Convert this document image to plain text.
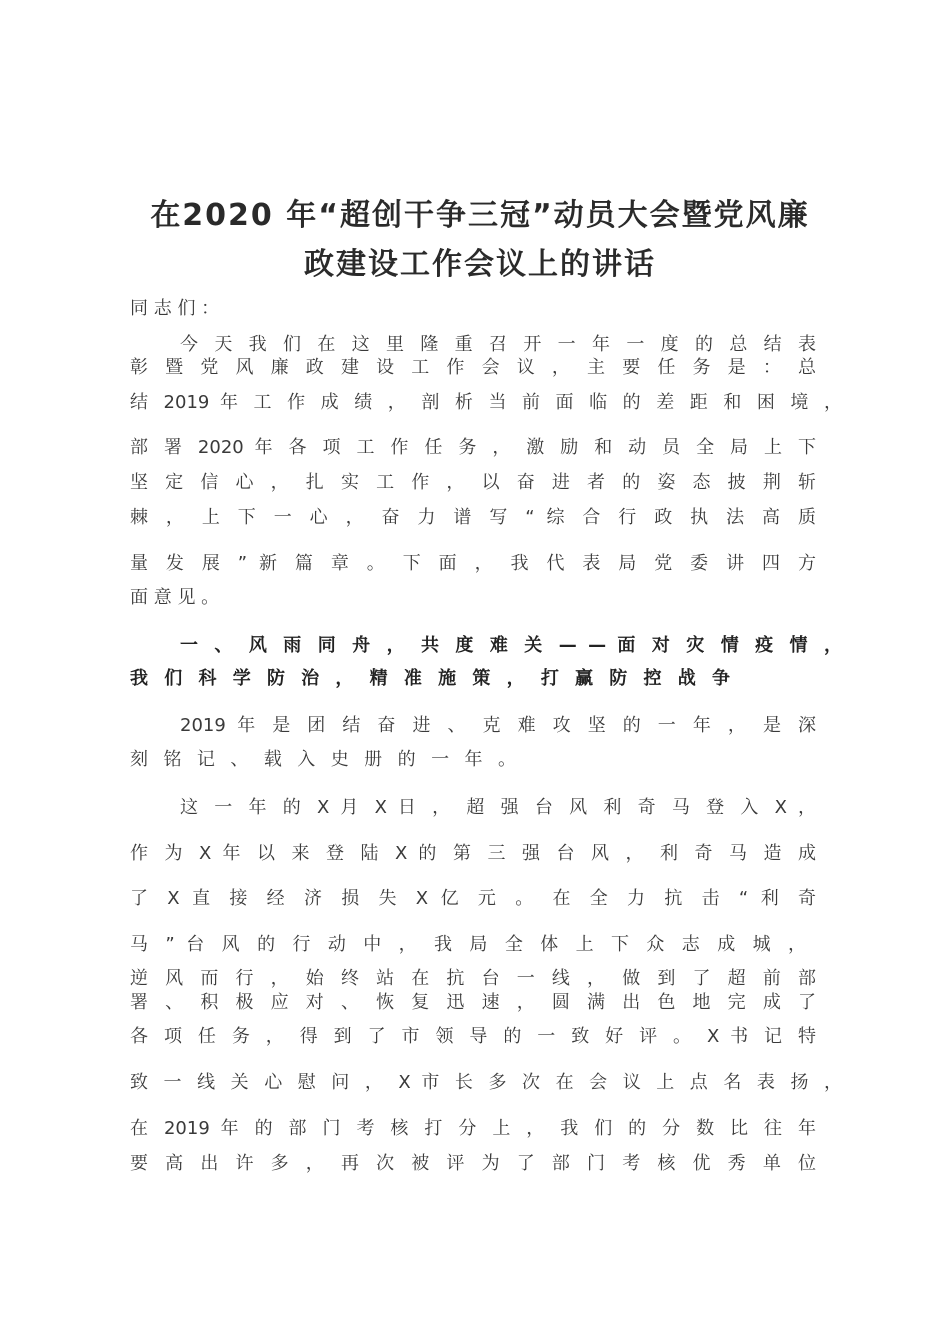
在2020 年“超创干争三冠”动员大会暨党风廉
政建设工作会议上的讲话
同 志 们 ：
今 天 我 们 在 这 里 隆 重 召 开 一 年 一 度 的 总 结 表
彰 暨 党 风 廉 政 建 设 工 作 会 议 ， 主 要 任 务 是 ： 总
结 2019 年 工 作 成 绩 ， 剖 析 当 前 面 临 的 差 距 和 困 境 ，
部 署 2020 年 各 项 工 作 任 务 ， 激 励 和 动 员 全 局 上 下
坚 定 信 心 ， 扎 实 工 作 ， 以 奋 进 者 的 姿 态 披 荆 斩
棘 ， 上 下 一 心 ， 奋 力 谱 写 “ 综 合 行 政 执 法 高 质
量 发 展 ” 新 篇 章 。 下 面 ， 我 代 表 局 党 委 讲 四 方
面 意 见 。
一 、 风 雨 同 舟 ， 共 度 难 关 — — 面 对 灾 情 疫 情 ，
我 们 科 学 防 治 ， 精 准 施 策 ， 打 赢 防 控 战 争
2019 年 是 团 结 奋 进 、 克 难 攻 坚 的 一 年 ， 是 深
刻 铭 记 、 载 入 史 册 的 一 年 。
这 一 年 的 X 月 X 日 ， 超 强 台 风 利 奇 马 登 入 X ，
作 为 X 年 以 来 登 陆 X 的 第 三 强 台 风 ， 利 奇 马 造 成
了 X 直 接 经 济 损 失 X 亿 元 。 在 全 力 抗 击 “ 利 奇
马 ” 台 风 的 行 动 中 ， 我 局 全 体 上 下 众 志 成 城 ，
逆 风 而 行 ， 始 终 站 在 抗 台 一 线 ， 做 到 了 超 前 部
署 、 积 极 应 对 、 恢 复 迅 速 ， 圆 满 出 色 地 完 成 了
各 项 任 务 ， 得 到 了 市 领 导 的 一 致 好 评 。 X 书 记 特
致 一 线 关 心 慰 问 ， X 市 长 多 次 在 会 议 上 点 名 表 扬 ，
在 2019 年 的 部 门 考 核 打 分 上 ， 我 们 的 分 数 比 往 年
要 高 出 许 多 ， 再 次 被 评 为 了 部 门 考 核 优 秀 单 位
